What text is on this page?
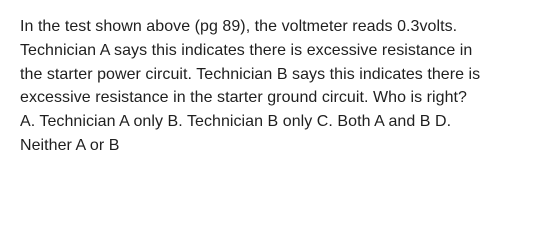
In the test shown above (pg 89), the voltmeter reads 0.3volts.
Technician A says this indicates there is excessive resistance in
the starter power circuit. Technician B says this indicates there is
excessive resistance in the starter ground circuit. Who is right?
A. Technician A only B. Technician B only C. Both A and B D.
Neither A or B
